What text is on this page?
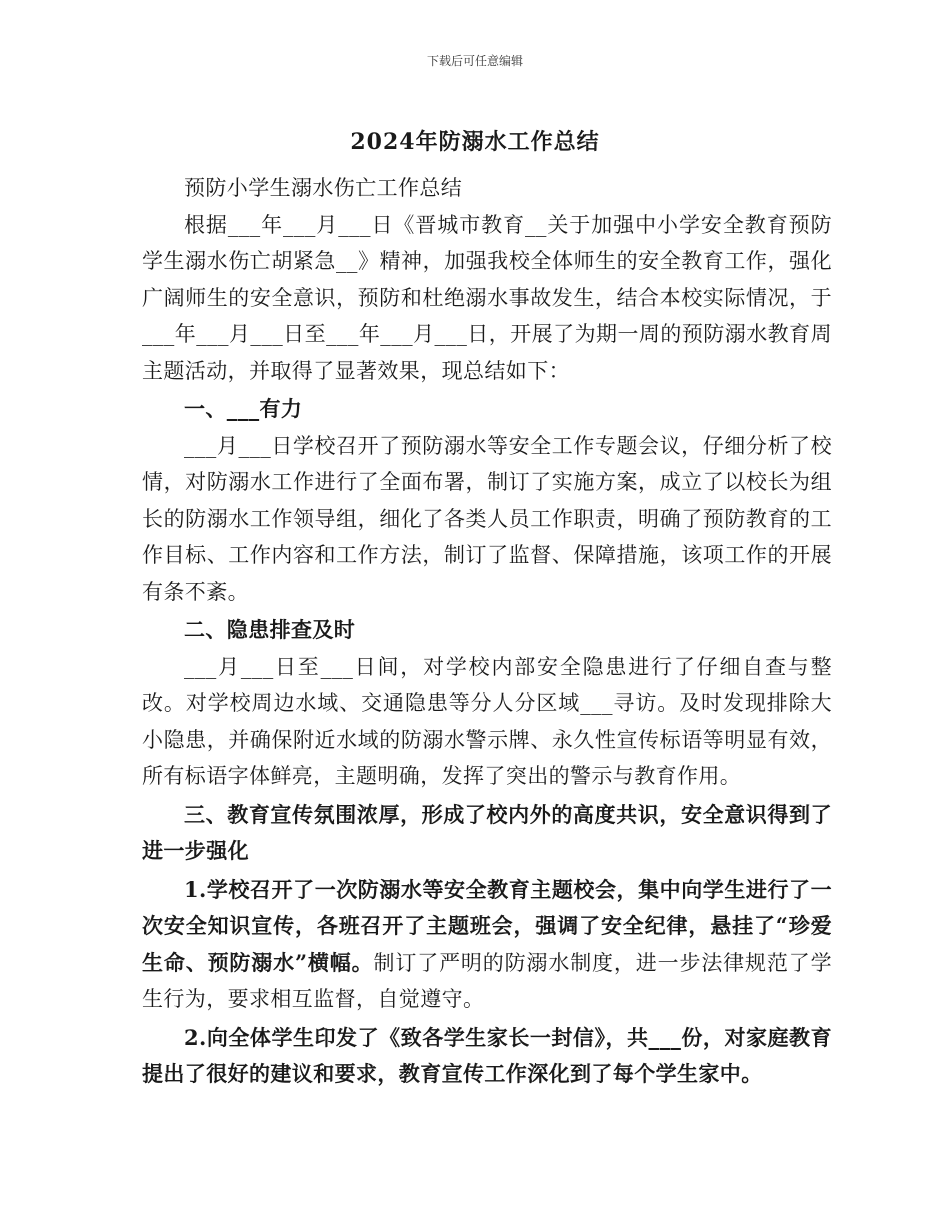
下载后可任意编辑
2024年防溺水工作总结

预防小学生溺水伤亡工作总结

根据___年___月___日《晋城市教育__关于加强中小学安全教育预防学生溺水伤亡胡紧急__》精神，加强我校全体师生的安全教育工作，强化广阔师生的安全意识，预防和杜绝溺水事故发生，结合本校实际情况，于___年___月___日至___年___月___日，开展了为期一周的预防溺水教育周主题活动，并取得了显著效果，现总结如下：

一、___有力

___月___日学校召开了预防溺水等安全工作专题会议，仔细分析了校情，对防溺水工作进行了全面布署，制订了实施方案，成立了以校长为组长的防溺水工作领导组，细化了各类人员工作职责，明确了预防教育的工作目标、工作内容和工作方法，制订了监督、保障措施，该项工作的开展有条不紊。

二、隐患排查及时

___月___日至___日间，对学校内部安全隐患进行了仔细自查与整改。对学校周边水域、交通隐患等分人分区域___寻访。及时发现排除大小隐患，并确保附近水域的防溺水警示牌、永久性宣传标语等明显有效，所有标语字体鲜亮，主题明确，发挥了突出的警示与教育作用。

三、教育宣传氛围浓厚，形成了校内外的高度共识，安全意识得到了进一步强化

1.学校召开了一次防溺水等安全教育主题校会，集中向学生进行了一次安全知识宣传，各班召开了主题班会，强调了安全纪律，悬挂了“珍爱生命、预防溺水”横幅。制订了严明的防溺水制度，进一步法律规范了学生行为，要求相互监督，自觉遵守。

2.向全体学生印发了《致各学生家长一封信》，共___份，对家庭教育提出了很好的建议和要求，教育宣传工作深化到了每个学生家中。
